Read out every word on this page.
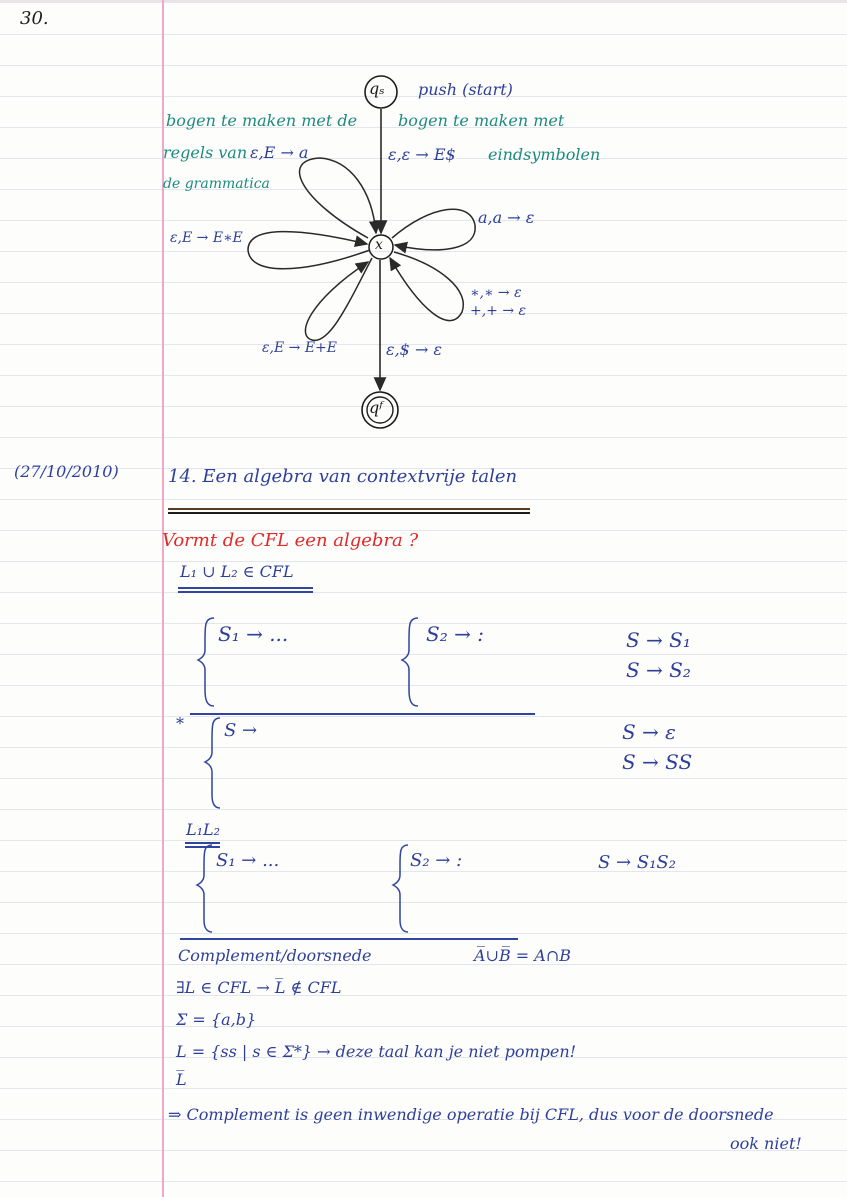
30.
qₛ push (start)
x
qᶠ
bogen te maken met de
regels van ε,E → a
de grammatica
bogen te maken met
ε,ε → E$ eindsymbolen
ε,E → E∗E
a,a → ε
∗,∗ → ε
+,+ → ε
ε,E → E+E	ε,$ → ε
(27/10/2010)	14. Een algebra van contextvrije talen
Vormt de CFL een algebra ?
L₁ ∪ L₂ ∈ CFL
S₁ → ...	S₂ → :	S → S₁
S → S₂
* S →	S → ε
S → SS
L₁L₂
S₁ → ...	S₂ → :	S → S₁S₂
Complement/doorsnede	A̅∪B̅ = A∩B
∃L ∈ CFL → L̅ ∉ CFL
Σ = {a,b}
L = {ss | s ∈ Σ*} → deze taal kan je niet pompen!
L̅
⇒ Complement is geen inwendige operatie bij CFL, dus voor de doorsnede
ook niet!
